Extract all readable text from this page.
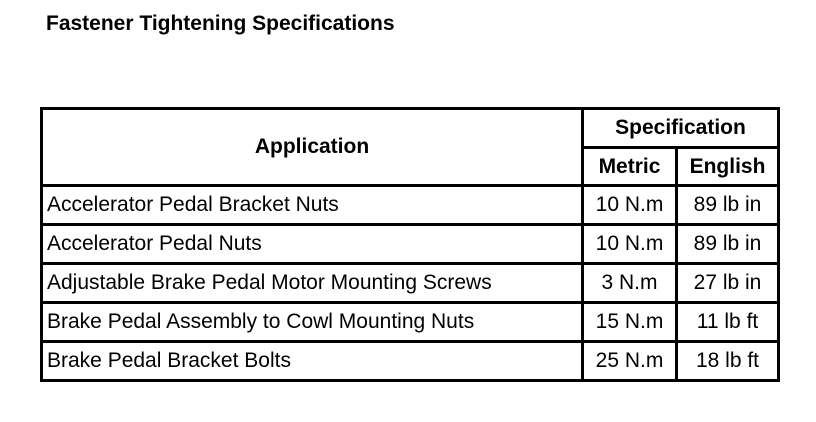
Fastener Tightening Specifications
Application	Specification	
	Metric	English
Accelerator Pedal Bracket Nuts	10 N.m	89 lb in
Accelerator Pedal Nuts	10 N.m	89 lb in
Adjustable Brake Pedal Motor Mounting Screws	3 N.m	27 lb in
Brake Pedal Assembly to Cowl Mounting Nuts	15 N.m	11 lb ft
Brake Pedal Bracket Bolts	25 N.m	18 lb ft
